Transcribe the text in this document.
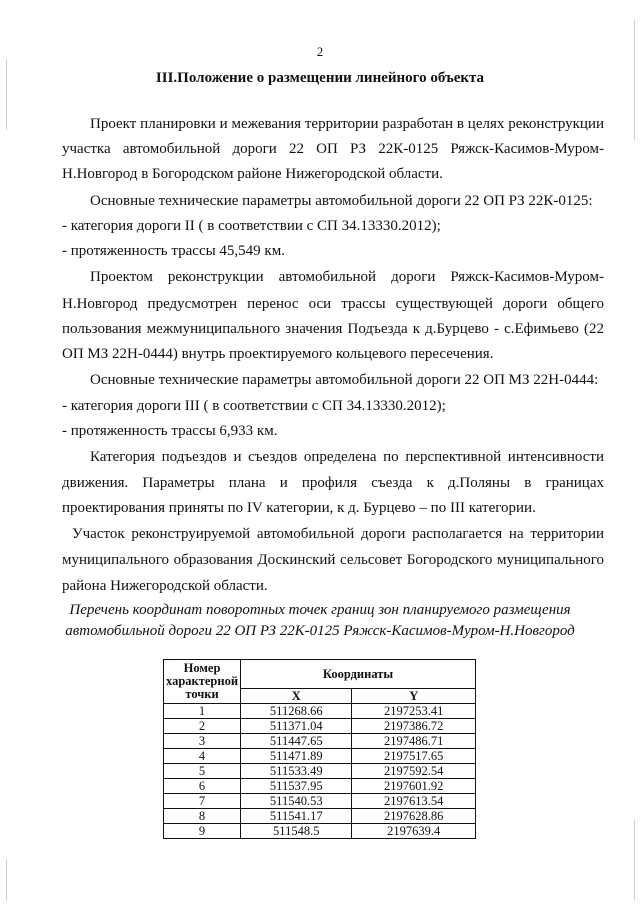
2
III.Положение о размещении линейного объекта
Проект планировки и межевания территории разработан в целях реконструкции
участка автомобильной дороги 22 ОП РЗ 22К-0125 Ряжск-Касимов-Муром-
Н.Новгород в Богородском районе Нижегородской области.
Основные технические параметры автомобильной дороги 22 ОП РЗ 22К-0125:
- категория дороги II ( в соответствии с СП 34.13330.2012);
- протяженность трассы 45,549 км.
Проектом реконструкции автомобильной дороги Ряжск-Касимов-Муром-
Н.Новгород предусмотрен перенос оси трассы существующей дороги общего
пользования межмуниципального значения Подъезда к д.Бурцево - с.Ефимьево (22
ОП МЗ 22Н-0444) внутрь проектируемого кольцевого пересечения.
Основные технические параметры автомобильной дороги 22 ОП МЗ 22Н-0444:
- категория дороги III ( в соответствии с СП 34.13330.2012);
- протяженность трассы 6,933 км.
Категория подъездов и съездов определена по перспективной интенсивности
движения. Параметры плана и профиля съезда к д.Поляны в границах
проектирования приняты по IV категории, к д. Бурцево – по III категории.
Участок реконструируемой автомобильной дороги располагается на территории
муниципального образования Доскинский сельсовет Богородского муниципального
района Нижегородской области.
Перечень координат поворотных точек границ зон планируемого размещения
автомобильной дороги 22 ОП РЗ 22К-0125 Ряжск-Касимов-Муром-Н.Новгород
Номер
характерной
точки	Координаты	
	X	Y
1	511268.66	2197253.41
2	511371.04	2197386.72
3	511447.65	2197486.71
4	511471.89	2197517.65
5	511533.49	2197592.54
6	511537.95	2197601.92
7	511540.53	2197613.54
8	511541.17	2197628.86
9	511548.5	2197639.4
